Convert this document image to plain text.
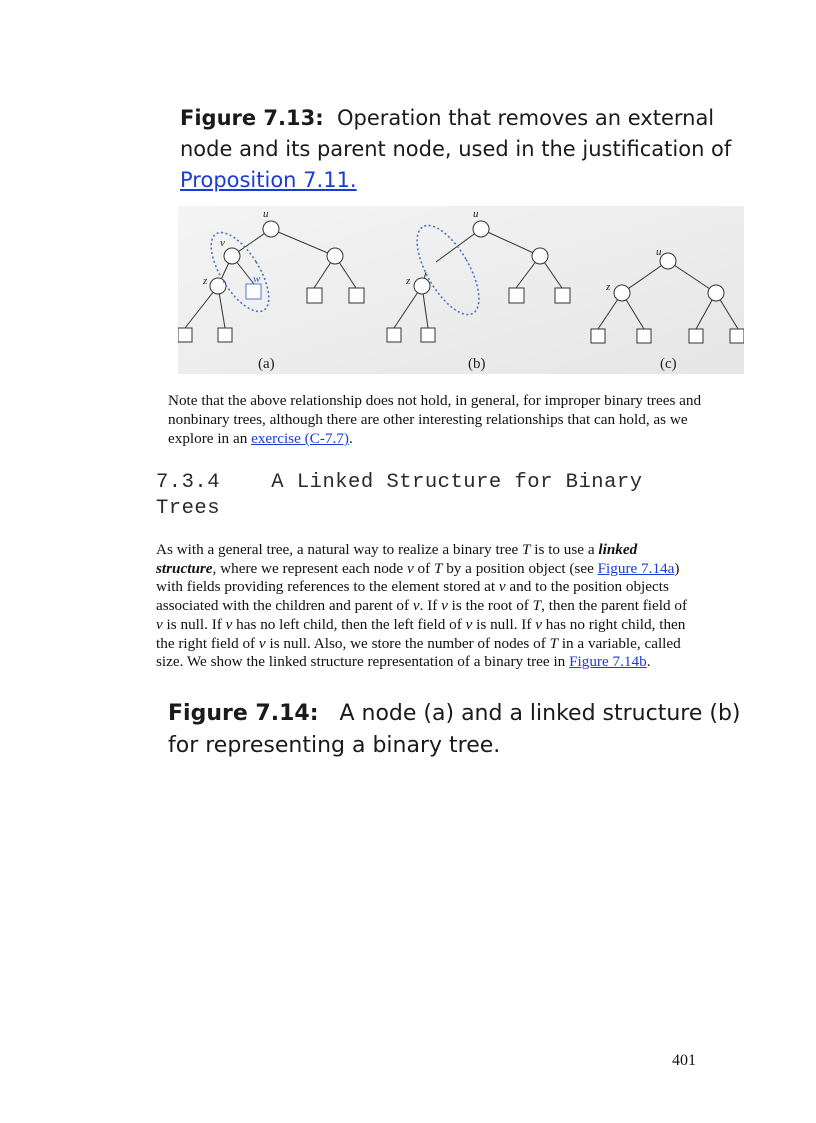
Figure 7.13: Operation that removes an external node and its parent node, used in the justification of Proposition 7.11.
u
v
z	w
u
z
u
z
(a)	(b)	(c)
Note that the above relationship does not hold, in general, for improper binary trees and nonbinary trees, although there are other interesting relationships that can hold, as we explore in an exercise (C-7.7).
7.3.4 A Linked Structure for Binary Trees
As with a general tree, a natural way to realize a binary tree T is to use a linked structure, where we represent each node v of T by a position object (see Figure 7.14a) with fields providing references to the element stored at v and to the position objects associated with the children and parent of v. If v is the root of T, then the parent field of v is null. If v has no left child, then the left field of v is null. If v has no right child, then the right field of v is null. Also, we store the number of nodes of T in a variable, called size. We show the linked structure representation of a binary tree in Figure 7.14b.
Figure 7.14: A node (a) and a linked structure (b) for representing a binary tree.
401
